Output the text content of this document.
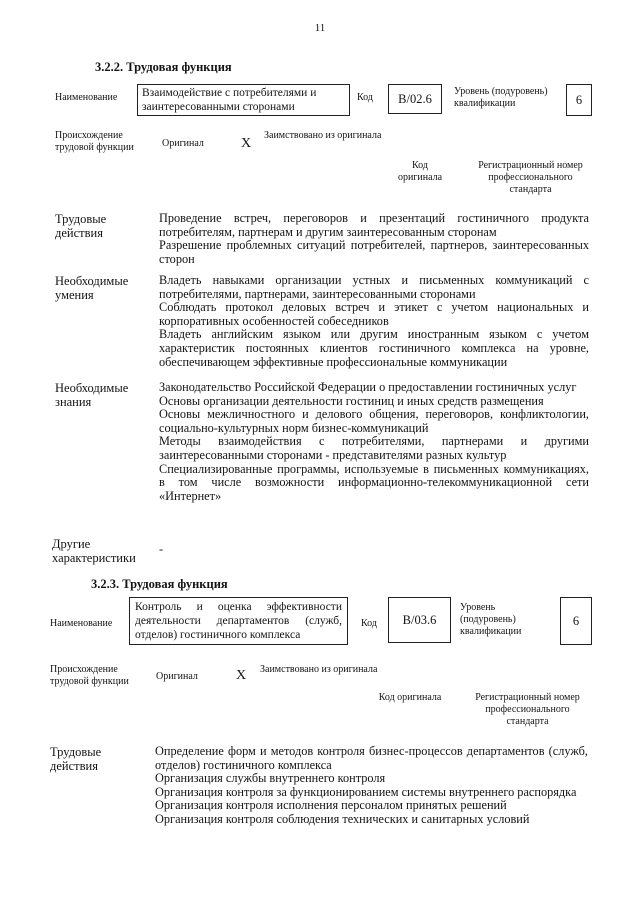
11
3.2.2. Трудовая функция
Наименование	Взаимодействие с потребителями и заинтересованными сторонами
Код	B/02.6
Уровень (подуровень) квалификации	6
Происхождение трудовой функции	Оригинал	X
Заимствовано из оригинала
Код оригинала
Регистрационный номер профессионального стандарта
Трудовые действия

Проведение встреч, переговоров и презентаций гостиничного продукта потребителям, партнерам и другим заинтересованным сторонам

Разрешение проблемных ситуаций потребителей, партнеров, заинтересованных сторон

Необходимые умения

Владеть навыками организации устных и письменных коммуникаций с потребителями, партнерами, заинтересованными сторонами

Соблюдать протокол деловых встреч и этикет с учетом национальных и корпоративных особенностей собеседников

Владеть английским языком или другим иностранным языком с учетом характеристик постоянных клиентов гостиничного комплекса на уровне, обеспечивающем эффективные профессиональные коммуникации

Необходимые знания

Законодательство Российской Федерации о предоставлении гостиничных услуг

Основы организации деятельности гостиниц и иных средств размещения

Основы межличностного и делового общения, переговоров, конфликтологии, социально-культурных норм бизнес-коммуникаций

Методы взаимодействия с потребителями, партнерами и другими заинтересованными сторонами - представителями разных культур

Специализированные программы, используемые в письменных коммуникациях, в том числе возможности информационно-телекоммуникационной сети «Интернет»

Другие характеристики

-

3.2.3. Трудовая функция
Наименование
Контроль и оценка эффективности деятельности департаментов (служб, отделов) гостиничного комплекса
Код	B/03.6
Уровень (подуровень) квалификации
6
Происхождение трудовой функции	Оригинал	X Заимствовано из оригинала
Код оригинала	Регистрационный номер профессионального стандарта
Трудовые действия

Определение форм и методов контроля бизнес-процессов департаментов (служб, отделов) гостиничного комплекса

Организация службы внутреннего контроля

Организация контроля за функционированием системы внутреннего распорядка

Организация контроля исполнения персоналом принятых решений

Организация контроля соблюдения технических и санитарных условий
